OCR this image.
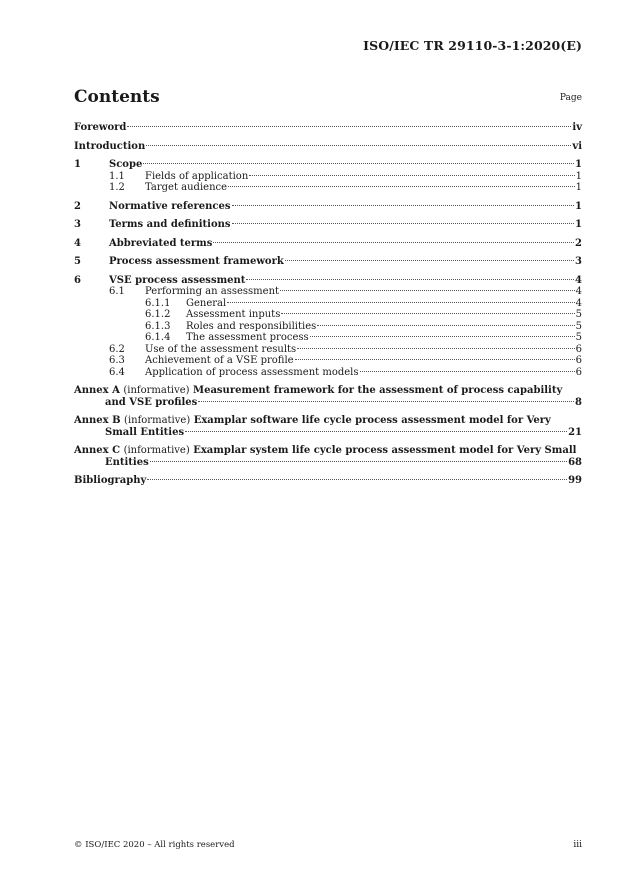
ISO/IEC TR 29110-3-1:2020(E)
Contents	Page
Foreword	iv
Introduction	vi
1	Scope	1
1.1	Fields of application	1
1.2	Target audience	1
2	Normative references	1
3	Terms and definitions	1
4	Abbreviated terms	2
5	Process assessment framework	3
6	VSE process assessment	4
6.1	Performing an assessment	4
6.1.1	General	4
6.1.2	Assessment inputs	5
6.1.3	Roles and responsibilities	5
6.1.4	The assessment process	5
6.2	Use of the assessment results	6
6.3	Achievement of a VSE profile	6
6.4	Application of process assessment models	6
Annex A (informative) Measurement framework for the assessment of process capability
and VSE profiles	8
Annex B (informative) Examplar software life cycle process assessment model for Very
Small Entities	21
Annex C (informative) Examplar system life cycle process assessment model for Very Small
Entities	68
Bibliography	99
© ISO/IEC 2020 – All rights reserved	iii
